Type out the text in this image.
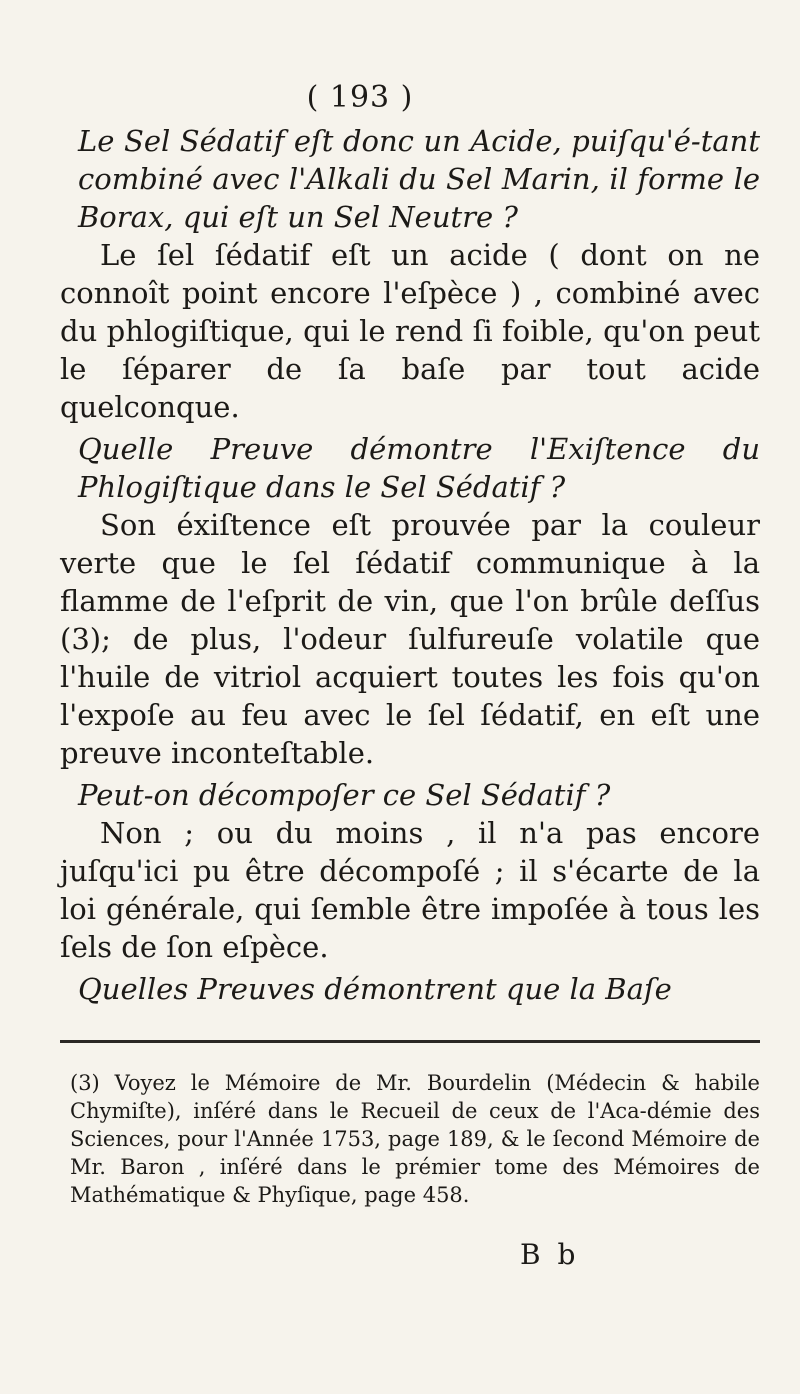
( 193 )

Le Sel Sédatif eſt donc un Acide, puiſqu'é-tant combiné avec l'Alkali du Sel Marin, il forme le Borax, qui eſt un Sel Neutre ?

Le ſel ſédatif eſt un acide ( dont on ne connoît point encore l'eſpèce ) , combiné avec du phlogiſtique, qui le rend ſi foible, qu'on peut le ſéparer de ſa baſe par tout acide quelconque.

Quelle Preuve démontre l'Exiſtence du Phlogiſtique dans le Sel Sédatif ?

Son éxiſtence eſt prouvée par la couleur verte que le ſel ſédatif communique à la flamme de l'eſprit de vin, que l'on brûle deſſus (3); de plus, l'odeur ſulfureuſe volatile que l'huile de vitriol acquiert toutes les fois qu'on l'expoſe au feu avec le ſel ſédatif, en eſt une preuve inconteſtable.

Peut-on décompoſer ce Sel Sédatif ?

Non ; ou du moins , il n'a pas encore juſqu'ici pu être décompoſé ; il s'écarte de la loi générale, qui ſemble être impoſée à tous les ſels de ſon eſpèce.

Quelles Preuves démontrent que la Baſe

(3) Voyez le Mémoire de Mr. Bourdelin (Médecin & habile Chymiſte), inſéré dans le Recueil de ceux de l'Aca-démie des Sciences, pour l'Année 1753, page 189, & le ſecond Mémoire de Mr. Baron , inſéré dans le prémier tome des Mémoires de Mathématique & Phyſique, page 458.

B b
